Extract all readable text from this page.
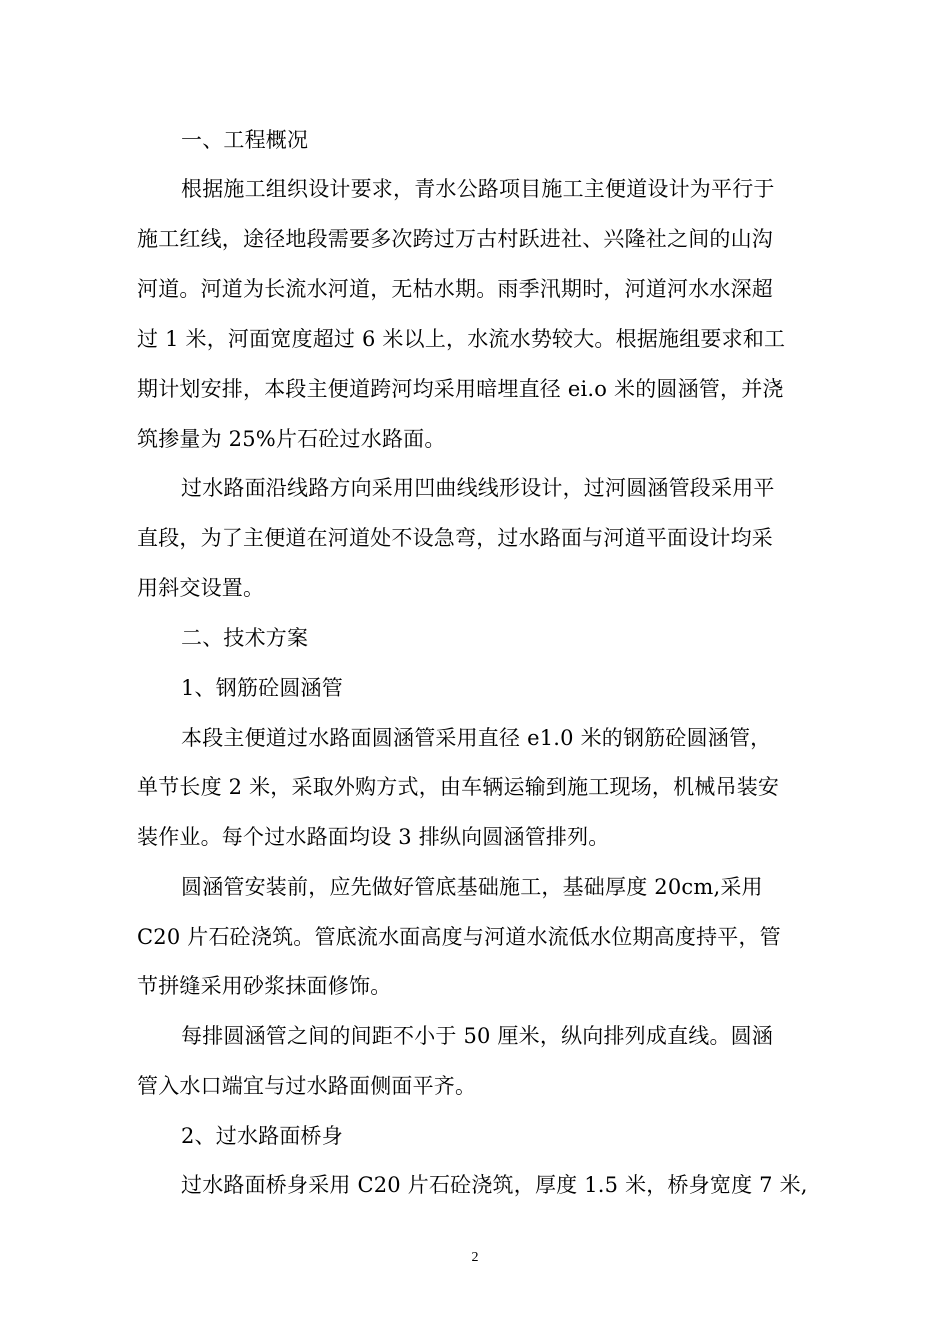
一、工程概况
根据施工组织设计要求，青水公路项目施工主便道设计为平行于
施工红线，途径地段需要多次跨过万古村跃进社、兴隆社之间的山沟
河道。河道为长流水河道，无枯水期。雨季汛期时，河道河水水深超
过 1 米，河面宽度超过 6 米以上，水流水势较大。根据施组要求和工
期计划安排，本段主便道跨河均采用暗埋直径 ei.o 米的圆涵管，并浇
筑掺量为 25%片石砼过水路面。
过水路面沿线路方向采用凹曲线线形设计，过河圆涵管段采用平
直段，为了主便道在河道处不设急弯，过水路面与河道平面设计均采
用斜交设置。
二、技术方案
1、钢筋砼圆涵管
本段主便道过水路面圆涵管采用直径 e1.0 米的钢筋砼圆涵管，
单节长度 2 米，采取外购方式，由车辆运输到施工现场，机械吊装安
装作业。每个过水路面均设 3 排纵向圆涵管排列。
圆涵管安装前，应先做好管底基础施工，基础厚度 20cm,采用
C20 片石砼浇筑。管底流水面高度与河道水流低水位期高度持平，管
节拼缝采用砂浆抹面修饰。
每排圆涵管之间的间距不小于 50 厘米，纵向排列成直线。圆涵
管入水口端宜与过水路面侧面平齐。
2、过水路面桥身
过水路面桥身采用 C20 片石砼浇筑，厚度 1.5 米，桥身宽度 7 米,
2
